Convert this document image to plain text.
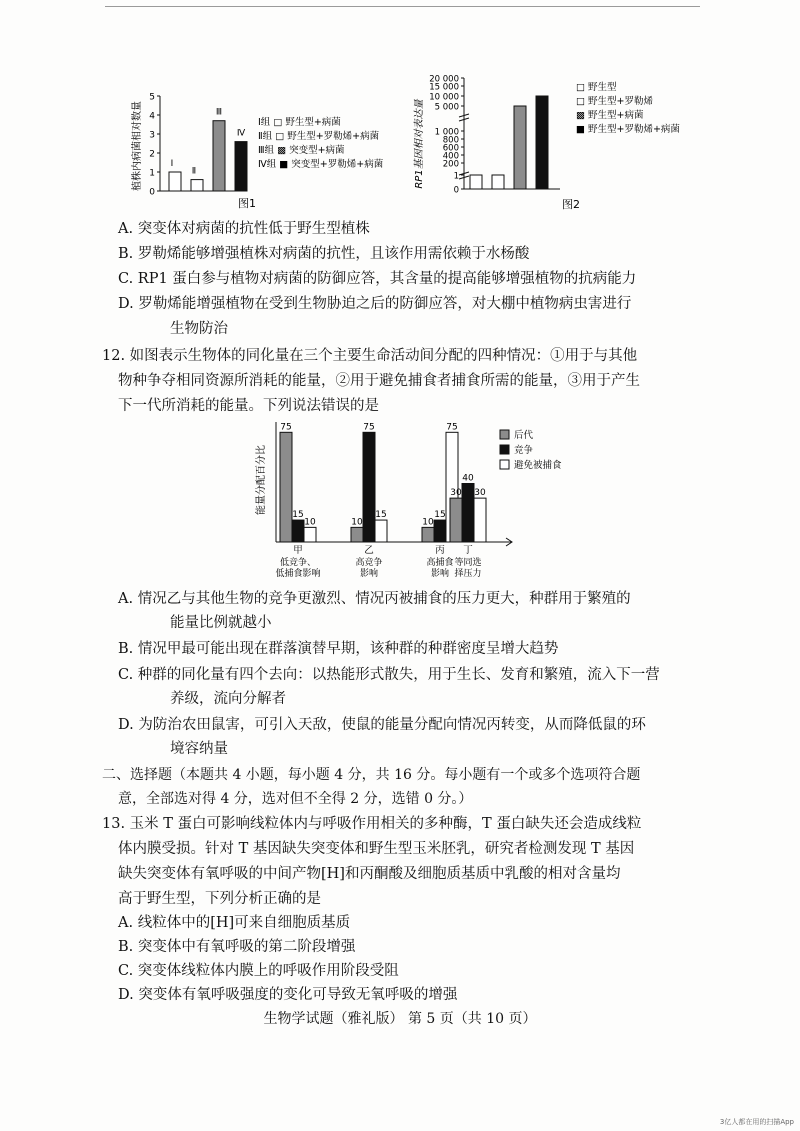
植株内病菌相对数量
0
1
2
3
4
5
Ⅰ
Ⅱ
Ⅲ
Ⅳ
Ⅰ组 □ 野生型+病菌
Ⅱ组 □ 野生型+罗勒烯+病菌
Ⅲ组 ▩ 突变型+病菌
Ⅳ组 ■ 突变型+罗勒烯+病菌
图1
RP1基因相对表达量
0
1
200
400
600
800
1 000
5 000
10 000
15 000
20 000
□ 野生型
□ 野生型+罗勒烯
▩ 野生型+病菌
■ 野生型+罗勒烯+病菌
图2
A. 突变体对病菌的抗性低于野生型植株
B. 罗勒烯能够增强植株对病菌的抗性，且该作用需依赖于水杨酸
C. RP1 蛋白参与植物对病菌的防御应答，其含量的提高能够增强植物的抗病能力
D. 罗勒烯能增强植物在受到生物胁迫之后的防御应答，对大棚中植物病虫害进行
生物防治
12. 如图表示生物体的同化量在三个主要生命活动间分配的四种情况：①用于与其他
物种争夺相同资源所消耗的能量，②用于避免捕食者捕食所需的能量，③用于产生
下一代所消耗的能量。下列说法错误的是
能量分配百分比
75
15
10
甲
低竞争、
低捕食影响
10
75
15
乙
高竞争
影响
10
15
75
丙
高捕食
影响
30
40
30
丁
等同选
择压力
后代
竞争
避免被捕食
A. 情况乙与其他生物的竞争更激烈、情况丙被捕食的压力更大，种群用于繁殖的
能量比例就越小
B. 情况甲最可能出现在群落演替早期，该种群的种群密度呈增大趋势
C. 种群的同化量有四个去向：以热能形式散失，用于生长、发育和繁殖，流入下一营
养级，流向分解者
D. 为防治农田鼠害，可引入天敌，使鼠的能量分配向情况丙转变，从而降低鼠的环
境容纳量
二、选择题（本题共 4 小题，每小题 4 分，共 16 分。每小题有一个或多个选项符合题
意，全部选对得 4 分，选对但不全得 2 分，选错 0 分。）
13. 玉米 T 蛋白可影响线粒体内与呼吸作用相关的多种酶，T 蛋白缺失还会造成线粒
体内膜受损。针对 T 基因缺失突变体和野生型玉米胚乳，研究者检测发现 T 基因
缺失突变体有氧呼吸的中间产物[H]和丙酮酸及细胞质基质中乳酸的相对含量均
高于野生型，下列分析正确的是
A. 线粒体中的[H]可来自细胞质基质
B. 突变体中有氧呼吸的第二阶段增强
C. 突变体线粒体内膜上的呼吸作用阶段受阻
D. 突变体有氧呼吸强度的变化可导致无氧呼吸的增强
生物学试题（雅礼版） 第 5 页（共 10 页）
3亿人都在用的扫描App
